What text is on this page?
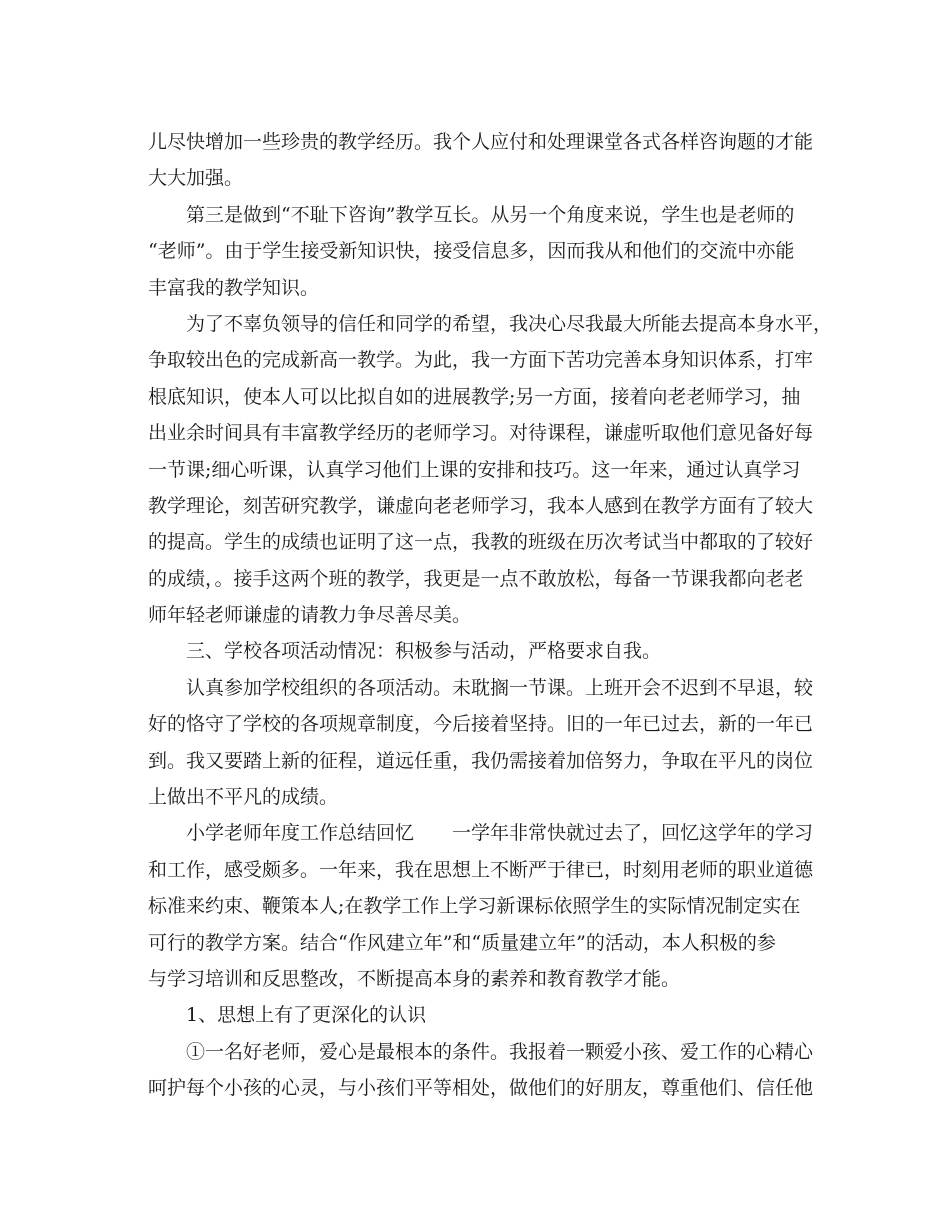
儿尽快增加一些珍贵的教学经历。我个人应付和处理课堂各式各样咨询题的才能
大大加强。
第三是做到“不耻下咨询”教学互长。从另一个角度来说，学生也是老师的
“老师”。由于学生接受新知识快，接受信息多，因而我从和他们的交流中亦能
丰富我的教学知识。
为了不辜负领导的信任和同学的希望，我决心尽我最大所能去提高本身水平，
争取较出色的完成新高一教学。为此，我一方面下苦功完善本身知识体系，打牢
根底知识，使本人可以比拟自如的进展教学;另一方面，接着向老老师学习，抽
出业余时间具有丰富教学经历的老师学习。对待课程，谦虚听取他们意见备好每
一节课;细心听课，认真学习他们上课的安排和技巧。这一年来，通过认真学习
教学理论，刻苦研究教学，谦虚向老老师学习，我本人感到在教学方面有了较大
的提高。学生的成绩也证明了这一点，我教的班级在历次考试当中都取的了较好
的成绩，。接手这两个班的教学，我更是一点不敢放松，每备一节课我都向老老
师年轻老师谦虚的请教力争尽善尽美。
三、学校各项活动情况：积极参与活动，严格要求自我。
认真参加学校组织的各项活动。未耽搁一节课。上班开会不迟到不早退，较
好的恪守了学校的各项规章制度，今后接着坚持。旧的一年已过去，新的一年已
到。我又要踏上新的征程，道远任重，我仍需接着加倍努力，争取在平凡的岗位
上做出不平凡的成绩。
小学老师年度工作总结回忆　　一学年非常快就过去了，回忆这学年的学习
和工作，感受颇多。一年来，我在思想上不断严于律已，时刻用老师的职业道德
标准来约束、鞭策本人;在教学工作上学习新课标依照学生的实际情况制定实在
可行的教学方案。结合“作风建立年”和“质量建立年”的活动，本人积极的参
与学习培训和反思整改，不断提高本身的素养和教育教学才能。
1、思想上有了更深化的认识
①一名好老师，爱心是最根本的条件。我报着一颗爱小孩、爱工作的心精心
呵护每个小孩的心灵，与小孩们平等相处，做他们的好朋友，尊重他们、信任他
